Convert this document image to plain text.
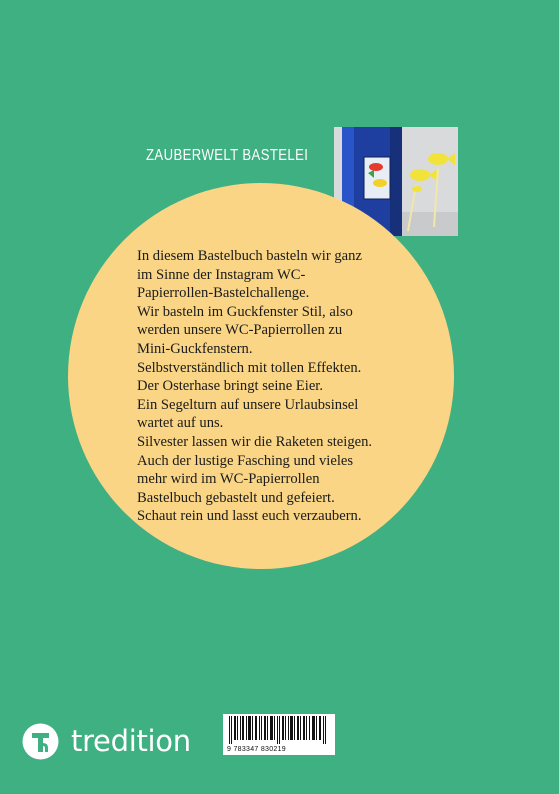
ZAUBERWELT BASTELEI

In diesem Bastelbuch basteln wir ganz

im Sinne der Instagram WC-

Papierrollen-Bastelchallenge.

Wir basteln im Guckfenster Stil, also

werden unsere WC-Papierrollen zu

Mini-Guckfenstern.

Selbstverständlich mit tollen Effekten.

Der Osterhase bringt seine Eier.

Ein Segelturn auf unsere Urlaubsinsel

wartet auf uns.

Silvester lassen wir die Raketen steigen.

Auch der lustige Fasching und vieles

mehr wird im WC-Papierrollen

Bastelbuch gebastelt und gefeiert.

Schaut rein und lasst euch verzaubern.

tredition	9 783347 830219
